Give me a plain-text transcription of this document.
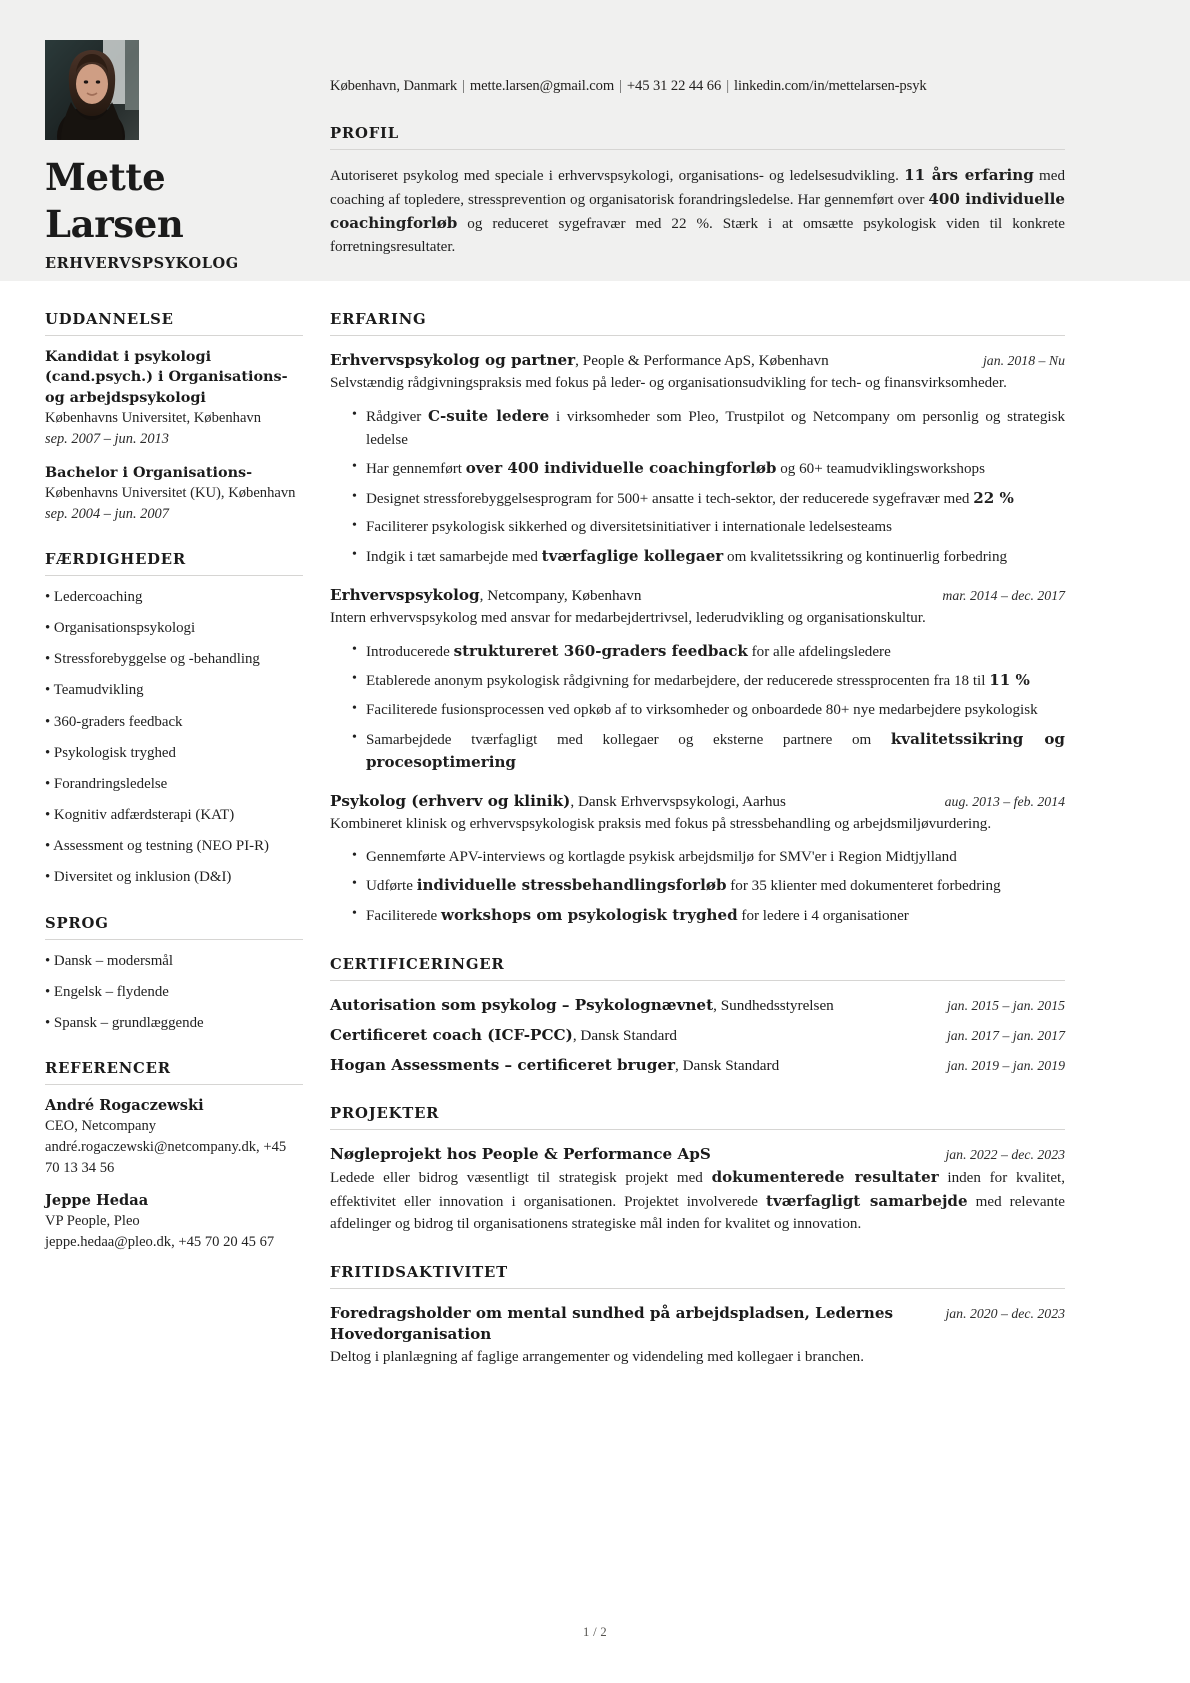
Mette
Larsen
ERHVERVSPSYKOLOG
København, Danmark | mette.larsen@gmail.com | +45 31 22 44 66 | linkedin.com/in/mettelarsen-psyk
PROFIL
Autoriseret psykolog med speciale i erhvervspsykologi, organisations- og ledelsesudvikling. 11 års erfaring med coaching af topledere, stressprevention og organisatorisk forandringsledelse. Har gennemført over 400 individuelle coachingforløb og reduceret sygefravær med 22 %. Stærk i at omsætte psykologisk viden til konkrete forretningsresultater.
UDDANNELSE
Kandidat i psykologi (cand.psych.) i Organisations- og arbejdspsykologi
Københavns Universitet, København
sep. 2007 – jun. 2013
Bachelor i Organisations-
Københavns Universitet (KU), København
sep. 2004 – jun. 2007
FÆRDIGHEDER
• Ledercoaching
• Organisationspsykologi
• Stressforebyggelse og -behandling
• Teamudvikling
• 360-graders feedback
• Psykologisk tryghed
• Forandringsledelse
• Kognitiv adfærdsterapi (KAT)
• Assessment og testning (NEO PI-R)
• Diversitet og inklusion (D&I)
SPROG
• Dansk – modersmål
• Engelsk – flydende
• Spansk – grundlæggende
REFERENCER
André Rogaczewski
CEO, Netcompany
andré.rogaczewski@netcompany.dk, +45 70 13 34 56
Jeppe Hedaa
VP People, Pleo
jeppe.hedaa@pleo.dk, +45 70 20 45 67
ERFARING
Erhvervspsykolog og partner, People & Performance ApS, København	jan. 2018 – Nu
Selvstændig rådgivningspraksis med fokus på leder- og organisationsudvikling for tech- og finansvirksomheder.
• Rådgiver C-suite ledere i virksomheder som Pleo, Trustpilot og Netcompany om personlig og strategisk ledelse
• Har gennemført over 400 individuelle coachingforløb og 60+ teamudviklingsworkshops
• Designet stressforebyggelsesprogram for 500+ ansatte i tech-sektor, der reducerede sygefravær med 22 %
• Faciliterer psykologisk sikkerhed og diversitetsinitiativer i internationale ledelsesteams
• Indgik i tæt samarbejde med tværfaglige kollegaer om kvalitetssikring og kontinuerlig forbedring
Erhvervspsykolog, Netcompany, København	mar. 2014 – dec. 2017
Intern erhvervspsykolog med ansvar for medarbejdertrivsel, lederudvikling og organisationskultur.
• Introducerede struktureret 360-graders feedback for alle afdelingsledere
• Etablerede anonym psykologisk rådgivning for medarbejdere, der reducerede stressprocenten fra 18 til 11 %
• Faciliterede fusionsprocessen ved opkøb af to virksomheder og onboardede 80+ nye medarbejdere psykologisk
• Samarbejdede tværfagligt med kollegaer og eksterne partnere om kvalitetssikring og procesoptimering
Psykolog (erhverv og klinik), Dansk Erhvervspsykologi, Aarhus	aug. 2013 – feb. 2014
Kombineret klinisk og erhvervspsykologisk praksis med fokus på stressbehandling og arbejdsmiljøvurdering.
• Gennemførte APV-interviews og kortlagde psykisk arbejdsmiljø for SMV'er i Region Midtjylland
• Udførte individuelle stressbehandlingsforløb for 35 klienter med dokumenteret forbedring
• Faciliterede workshops om psykologisk tryghed for ledere i 4 organisationer
CERTIFICERINGER
Autorisation som psykolog – Psykolognævnet, Sundhedsstyrelsen	jan. 2015 – jan. 2015
Certificeret coach (ICF-PCC), Dansk Standard	jan. 2017 – jan. 2017
Hogan Assessments – certificeret bruger, Dansk Standard	jan. 2019 – jan. 2019
PROJEKTER
Nøgleprojekt hos People & Performance ApS	jan. 2022 – dec. 2023
Ledede eller bidrog væsentligt til strategisk projekt med dokumenterede resultater inden for kvalitet, effektivitet eller innovation i organisationen. Projektet involverede tværfagligt samarbejde med relevante afdelinger og bidrog til organisationens strategiske mål inden for kvalitet og innovation.
FRITIDSAKTIVITET
Foredragsholder om mental sundhed på arbejdspladsen, Ledernes Hovedorganisation
jan. 2020 – dec. 2023
Deltog i planlægning af faglige arrangementer og videndeling med kollegaer i branchen.
1 / 2
